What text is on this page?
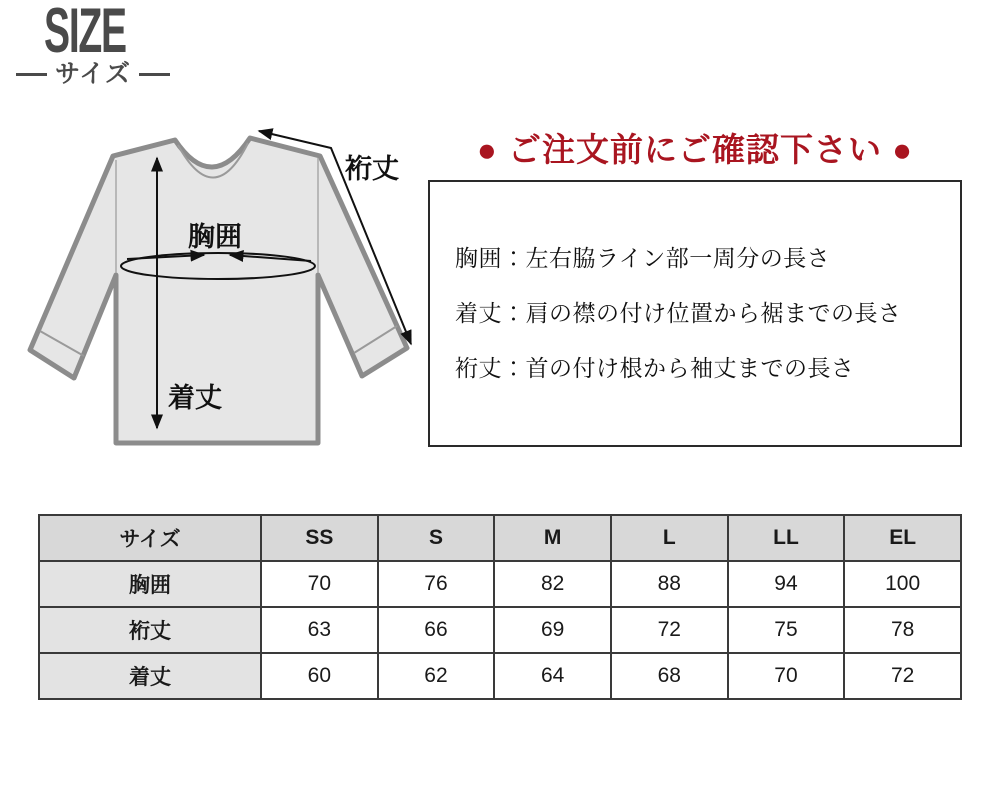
SIZE
サイズ
胸囲
着丈
裄丈
● ご注文前にご確認下さい ●
胸囲：左右脇ライン部一周分の長さ
着丈：肩の襟の付け位置から裾までの長さ
裄丈：首の付け根から袖丈までの長さ
サイズ	SS	S	M	L	LL	EL
胸囲	70	76	82	88	94	100
裄丈	63	66	69	72	75	78
着丈	60	62	64	68	70	72
